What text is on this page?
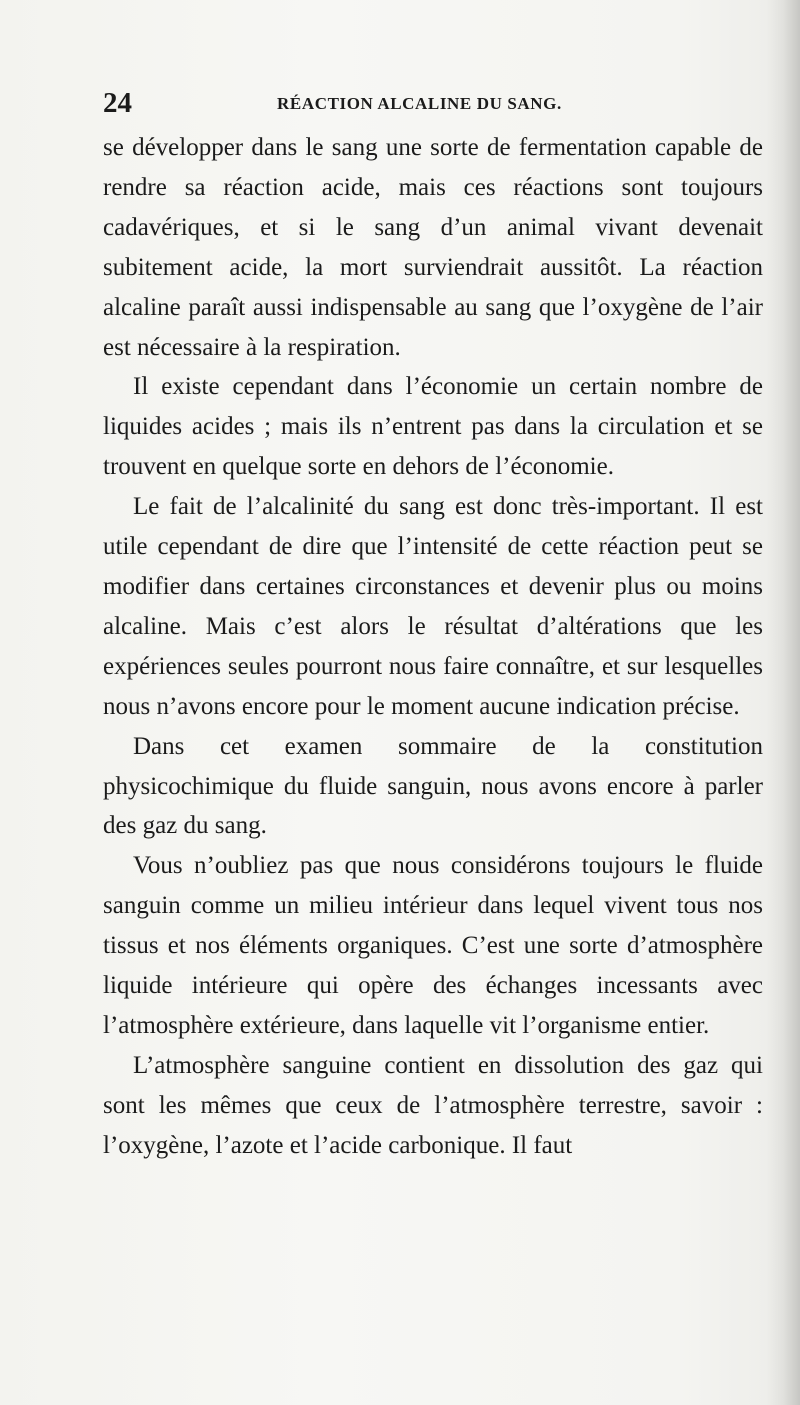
24	RÉACTION ALCALINE DU SANG.

se développer dans le sang une sorte de fermentation capable de rendre sa réaction acide, mais ces réactions sont toujours cadavériques, et si le sang d’un animal vivant devenait subitement acide, la mort surviendrait aussitôt. La réaction alcaline paraît aussi indispensable au sang que l’oxygène de l’air est nécessaire à la respiration.

Il existe cependant dans l’économie un certain nombre de liquides acides ; mais ils n’entrent pas dans la circulation et se trouvent en quelque sorte en dehors de l’économie.

Le fait de l’alcalinité du sang est donc très-important. Il est utile cependant de dire que l’intensité de cette réaction peut se modifier dans certaines circonstances et devenir plus ou moins alcaline. Mais c’est alors le résultat d’altérations que les expériences seules pourront nous faire connaître, et sur lesquelles nous n’avons encore pour le moment aucune indication précise.

Dans cet examen sommaire de la constitution physicochimique du fluide sanguin, nous avons encore à parler des gaz du sang.

Vous n’oubliez pas que nous considérons toujours le fluide sanguin comme un milieu intérieur dans lequel vivent tous nos tissus et nos éléments organiques. C’est une sorte d’atmosphère liquide intérieure qui opère des échanges incessants avec l’atmosphère extérieure, dans laquelle vit l’organisme entier.

L’atmosphère sanguine contient en dissolution des gaz qui sont les mêmes que ceux de l’atmosphère terrestre, savoir : l’oxygène, l’azote et l’acide carbonique. Il faut
